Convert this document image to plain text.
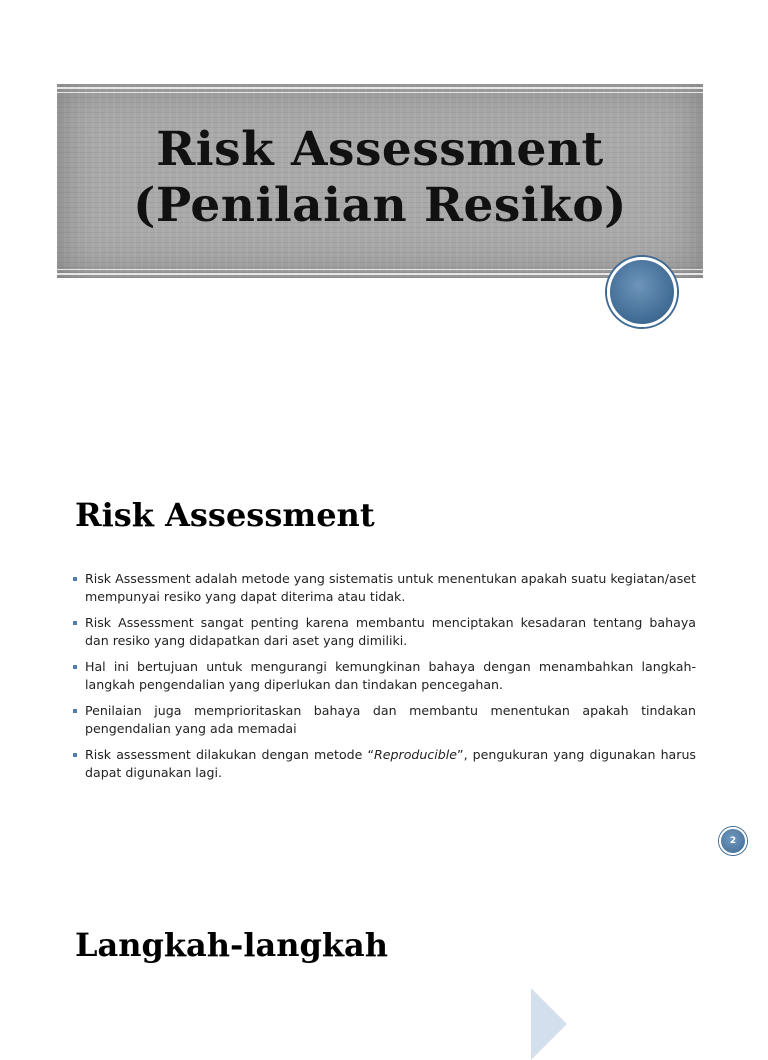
Risk Assessment
(Penilaian Resiko)
Risk Assessment
Risk Assessment adalah metode yang sistematis untuk menentukan apakah suatu kegiatan/aset mempunyai resiko yang dapat diterima atau tidak.
Risk Assessment sangat penting karena membantu menciptakan kesadaran tentang bahaya dan resiko yang didapatkan dari aset yang dimiliki.
Hal ini bertujuan untuk mengurangi kemungkinan bahaya dengan menambahkan langkah-langkah pengendalian yang diperlukan dan tindakan pencegahan.
Penilaian juga memprioritaskan bahaya dan membantu menentukan apakah tindakan pengendalian yang ada memadai
Risk assessment dilakukan dengan metode “Reproducible”, pengukuran yang digunakan harus dapat digunakan lagi.
2
Langkah-langkah
